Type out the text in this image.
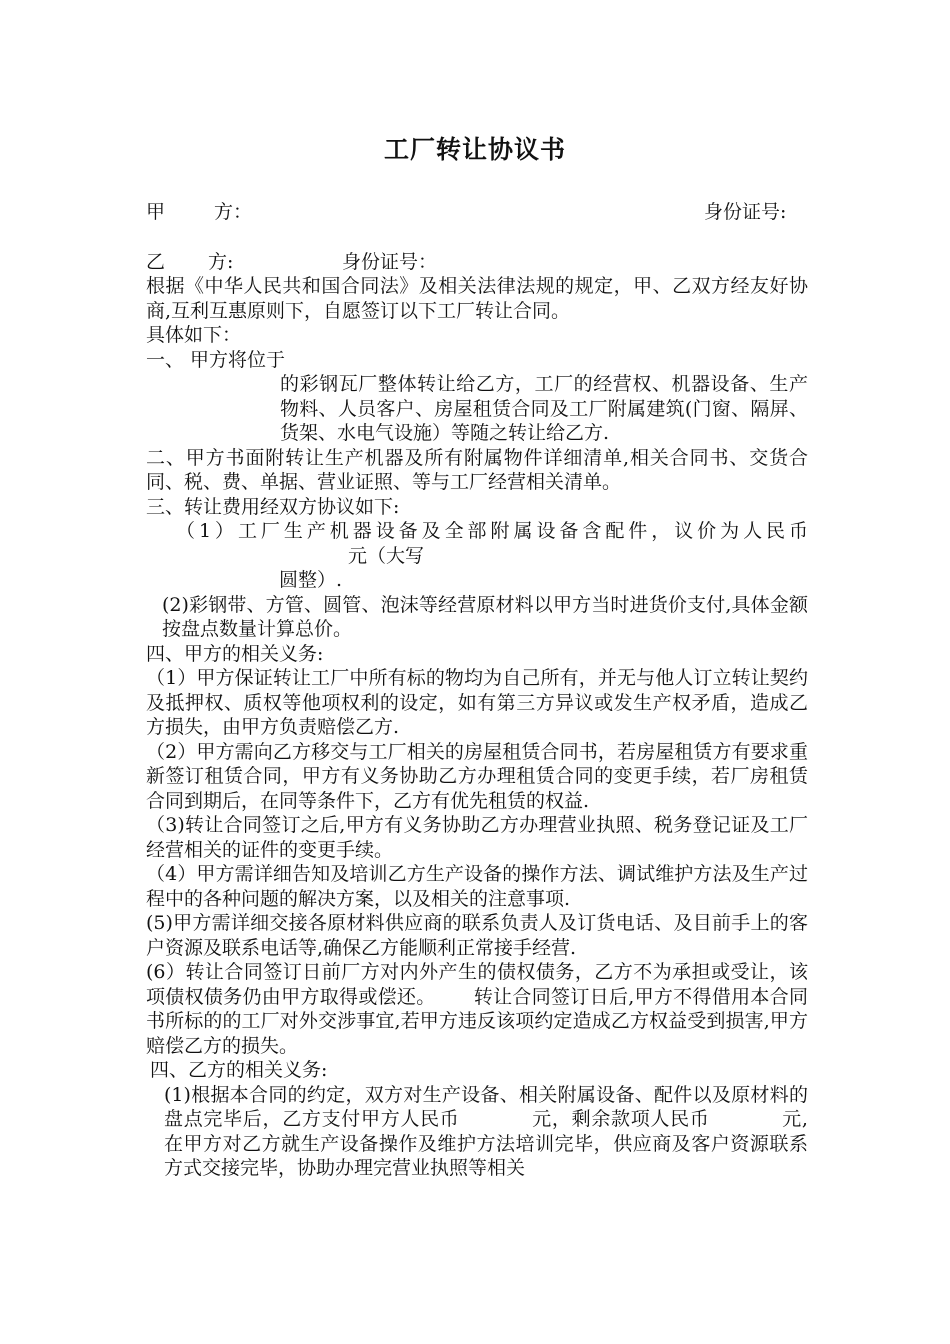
工厂转让协议书
甲	方：	身份证号:
乙 方:	身份证号：

根据《中华人民共和国合同法》及相关法律法规的规定，甲、乙双方经友好协商,互利互惠原则下，自愿签订以下工厂转让合同。

具体如下：

一、 甲方将位于

的彩钢瓦厂整体转让给乙方，工厂的经营权、机器设备、生产物料、人员客户、房屋租赁合同及工厂附属建筑(门窗、隔屏、货架、水电气设施）等随之转让给乙方.

二、甲方书面附转让生产机器及所有附属物件详细清单,相关合同书、交货合同、税、费、单据、营业证照、等与工厂经营相关清单。

三、转让费用经双方协议如下:

（1）工厂生产机器设备及全部附属设备含配件，议价为人民币元（大写

圆整）.

(2)彩钢带、方管、圆管、泡沫等经营原材料以甲方当时进货价支付,具体金额按盘点数量计算总价。

四、甲方的相关义务:

（1）甲方保证转让工厂中所有标的物均为自己所有，并无与他人订立转让契约及抵押权、质权等他项权利的设定，如有第三方异议或发生产权矛盾，造成乙方损失，由甲方负责赔偿乙方.

（2）甲方需向乙方移交与工厂相关的房屋租赁合同书，若房屋租赁方有要求重新签订租赁合同，甲方有义务协助乙方办理租赁合同的变更手续，若厂房租赁合同到期后，在同等条件下，乙方有优先租赁的权益.

（3)转让合同签订之后,甲方有义务协助乙方办理营业执照、税务登记证及工厂经营相关的证件的变更手续。

（4）甲方需详细告知及培训乙方生产设备的操作方法、调试维护方法及生产过程中的各种问题的解决方案，以及相关的注意事项.

(5)甲方需详细交接各原材料供应商的联系负责人及订货电话、及目前手上的客户资源及联系电话等,确保乙方能顺利正常接手经营.

(6）转让合同签订日前厂方对内外产生的债权债务，乙方不为承担或受让，该项债权债务仍由甲方取得或偿还。 转让合同签订日后,甲方不得借用本合同书所标的的工厂对外交涉事宜,若甲方违反该项约定造成乙方权益受到损害,甲方赔偿乙方的损失。

四、乙方的相关义务:

(1)根据本合同的约定，双方对生产设备、相关附属设备、配件以及原材料的盘点完毕后，乙方支付甲方人民币	元，剩余款项人民币	元,在甲方对乙方就生产设备操作及维护方法培训完毕，供应商及客户资源联系方式交接完毕，协助办理完营业执照等相关
